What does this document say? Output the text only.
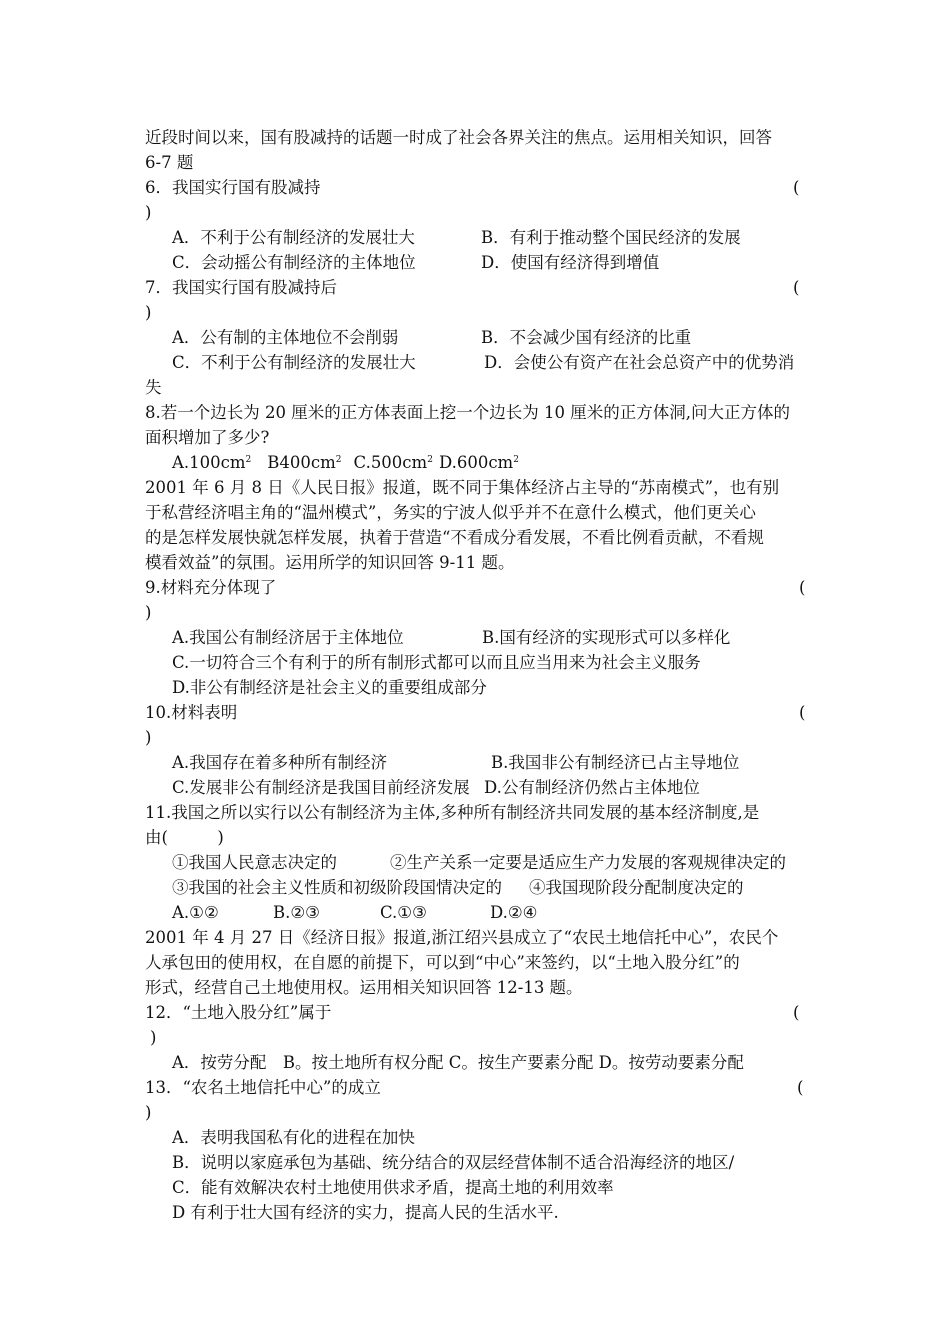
近段时间以来，国有股减持的话题一时成了社会各界关注的焦点。运用相关知识，回答
6-7 题
6．我国实行国有股减持	(
)
A．不利于公有制经济的发展壮大	B．有利于推动整个国民经济的发展
C．会动摇公有制经济的主体地位	D．使国有经济得到增值
7．我国实行国有股减持后	(
)
A．公有制的主体地位不会削弱	B．不会减少国有经济的比重
C．不利于公有制经济的发展壮大	D．会使公有资产在社会总资产中的优势消
失
8.若一个边长为 20 厘米的正方体表面上挖一个边长为 10 厘米的正方体洞,问大正方体的
面积增加了多少?
$A.100cm^2$ $B400cm^2$ $C.500cm^2$ $D.600cm^2$
2001 年 6 月 8 日《人民日报》报道，既不同于集体经济占主导的“苏南模式”，也有别
于私营经济唱主角的“温州模式”，务实的宁波人似乎并不在意什么模式，他们更关心
的是怎样发展快就怎样发展，执着于营造“不看成分看发展，不看比例看贡献，不看规
模看效益”的氛围。运用所学的知识回答 9-11 题。
9.材料充分体现了	(
)
A.我国公有制经济居于主体地位	B.国有经济的实现形式可以多样化
C.一切符合三个有利于的所有制形式都可以而且应当用来为社会主义服务
D.非公有制经济是社会主义的重要组成部分
10.材料表明	(
)
A.我国存在着多种所有制经济	B.我国非公有制经济已占主导地位
C.发展非公有制经济是我国目前经济发展 D.公有制经济仍然占主体地位
11.我国之所以实行以公有制经济为主体,多种所有制经济共同发展的基本经济制度,是
由(　　　)
①我国人民意志决定的	②生产关系一定要是适应生产力发展的客观规律决定的
③我国的社会主义性质和初级阶段国情决定的 ④我国现阶段分配制度决定的
A.①②	B.②③	C.①③	D.②④
2001 年 4 月 27 日《经济日报》报道,浙江绍兴县成立了“农民土地信托中心”，农民个
人承包田的使用权，在自愿的前提下，可以到“中心”来签约，以“土地入股分红”的
形式，经营自己土地使用权。运用相关知识回答 12-13 题。
12．“土地入股分红”属于	(
)
A．按劳分配　B。按土地所有权分配 C。按生产要素分配 D。按劳动要素分配
13．“农名土地信托中心”的成立	(
)
A．表明我国私有化的进程在加快
B．说明以家庭承包为基础、统分结合的双层经营体制不适合沿海经济的地区/
C．能有效解决农村土地使用供求矛盾，提高土地的利用效率
D 有利于壮大国有经济的实力，提高人民的生活水平.
